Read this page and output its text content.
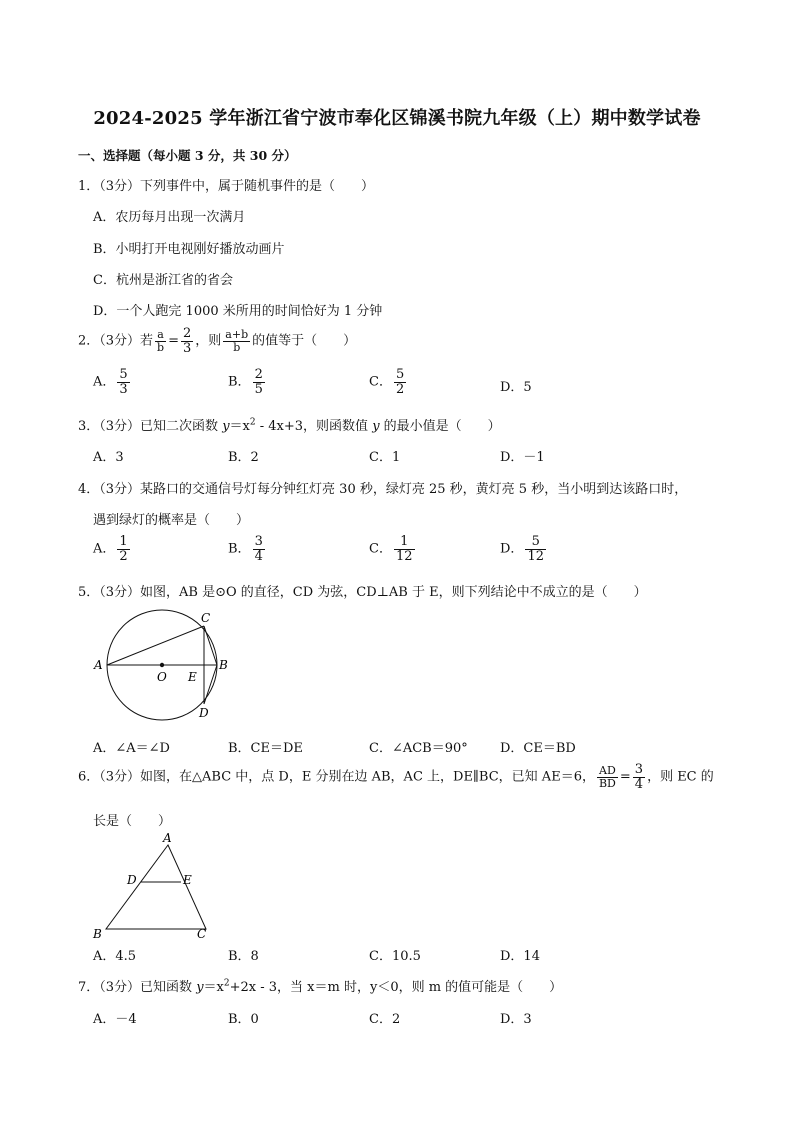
2024-2025 学年浙江省宁波市奉化区锦溪书院九年级（上）期中数学试卷
一、选择题（每小题 3 分，共 30 分）
1．（3分）下列事件中，属于随机事件的是（　　）
A．农历每月出现一次满月
B．小明打开电视刚好播放动画片
C．杭州是浙江省的省会
D．一个人跑完 1000 米所用的时间恰好为 1 分钟
2．（3分）若 $\frac{a}{b} = \frac{2}{3}$ ，则 $\frac{a+b}{b}$ 的值等于（　　）
A． $\frac{5}{3}$	B． $\frac{2}{5}$	C． $\frac{5}{2}$	D．5
3．（3分）已知二次函数 $y=x^2 - 4x+3$，则函数值 y 的最小值是（　　）
A．3	B．2	C．1	D．－1
4．（3分）某路口的交通信号灯每分钟红灯亮 30 秒，绿灯亮 25 秒，黄灯亮 5 秒，当小明到达该路口时，
遇到绿灯的概率是（　　）
A． $\frac{1}{2}$	B． $\frac{3}{4}$	C． $\frac{1}{12}$	D． $\frac{5}{12}$
5．（3分）如图，AB 是⊙O 的直径，CD 为弦，CD⊥AB 于 E，则下列结论中不成立的是（　　）
A	B
C
D
O E
A．∠A＝∠D	B．CE＝DE	C．∠ACB＝90° D．CE＝BD
6．（3分）如图，在△ABC 中，点 D，E 分别在边 AB，AC 上，DE∥BC，已知 AE＝6， $\frac{AD}{BD} = \frac{3}{4}$ ，则 EC 的
长是（　　）
A
B	C
D	E
A．4.5	B．8	C．10.5	D．14
7．（3分）已知函数 $y=x^2+2x - 3$，当 x＝m 时，y＜0，则 m 的值可能是（　　）
A．－4	B．0	C．2	D．3
